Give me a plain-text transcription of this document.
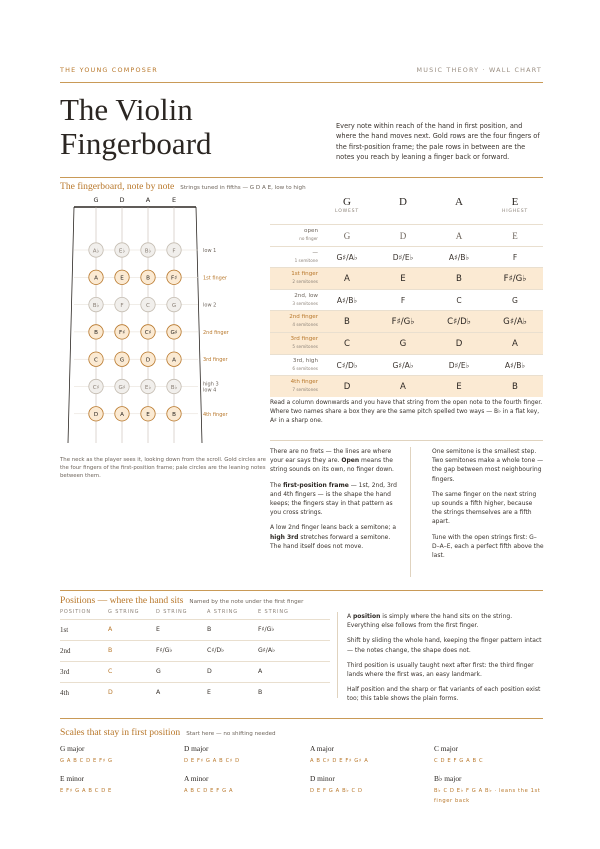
THE YOUNG COMPOSER	MUSIC THEORY · WALL CHART
The Violin
Fingerboard	Every note within reach of the hand in first position, and where the hand moves next. Gold rows are the four fingers of the first-position frame; the pale rows in between are the notes you reach by leaning a finger back or forward.
The fingerboard, note by note Strings tuned in fifths — G D A E, low to high
G	D	A	E
A♭	E♭	B♭	F	low 1
A	E	B	F♯	1st finger
B♭	F	C	G	low 2
B	F♯	C♯	G♯	2nd finger
C	G	D	A	3rd finger
C♯	G♯	E♭	B♭
high 3
low 4
D	A	E	B	4th finger
The neck as the player sees it, looking down from the scroll. Gold circles are the four fingers of the first-position frame; pale circles are the leaning notes between them.
G
LOWEST
D	A	E
HIGHEST
open
no finger	G	D	A	E
—
1 semitone	G♯/A♭	D♯/E♭	A♯/B♭	F
1st finger
2 semitones	A	E	B	F♯/G♭
2nd, low
3 semitones	A♯/B♭	F	C	G
2nd finger
4 semitones	B	F♯/G♭	C♯/D♭	G♯/A♭
3rd finger
5 semitones	C	G	D	A
3rd, high
6 semitones	C♯/D♭	G♯/A♭	D♯/E♭	A♯/B♭
4th finger
7 semitones	D	A	E	B
Read a column downwards and you have that string from the open note to the fourth finger. Where two names share a box they are the same pitch spelled two ways — B♭ in a flat key, A♯ in a sharp one.

There are no frets — the lines are where your ear says they are. Open means the string sounds on its own, no finger down.

The first-position frame — 1st, 2nd, 3rd and 4th fingers — is the shape the hand keeps; the fingers stay in that pattern as you cross strings.

A low 2nd finger leans back a semitone; a high 3rd stretches forward a semitone. The hand itself does not move.

One semitone is the smallest step. Two semitones make a whole tone — the gap between most neighbouring fingers.

The same finger on the next string up sounds a fifth higher, because the strings themselves are a fifth apart.

Tune with the open strings first: G–D–A–E, each a perfect fifth above the last.

Positions — where the hand sits Named by the note under the first finger
POSITION	G STRING	D STRING	A STRING	E STRING
1st	A	E	B	F♯/G♭
2nd	B	F♯/G♭	C♯/D♭	G♯/A♭
3rd	C	G	D	A
4th	D	A	E	B

A position is simply where the hand sits on the string. Everything else follows from the first finger.

Shift by sliding the whole hand, keeping the finger pattern intact — the notes change, the shape does not.

Third position is usually taught next after first: the third finger lands where the first was, an easy landmark.

Half position and the sharp or flat variants of each position exist too; this table shows the plain forms.

Scales that stay in first position Start here — no shifting needed
G major
G A B C D E F♯ G
D major
D E F♯ G A B C♯ D
A major
A B C♯ D E F♯ G♯ A
C major
C D E F G A B C
E minor
E F♯ G A B C D E
A minor
A B C D E F G A
D minor
D E F G A B♭ C D
B♭ major
B♭ C D E♭ F G A B♭ · leans the 1st finger back
